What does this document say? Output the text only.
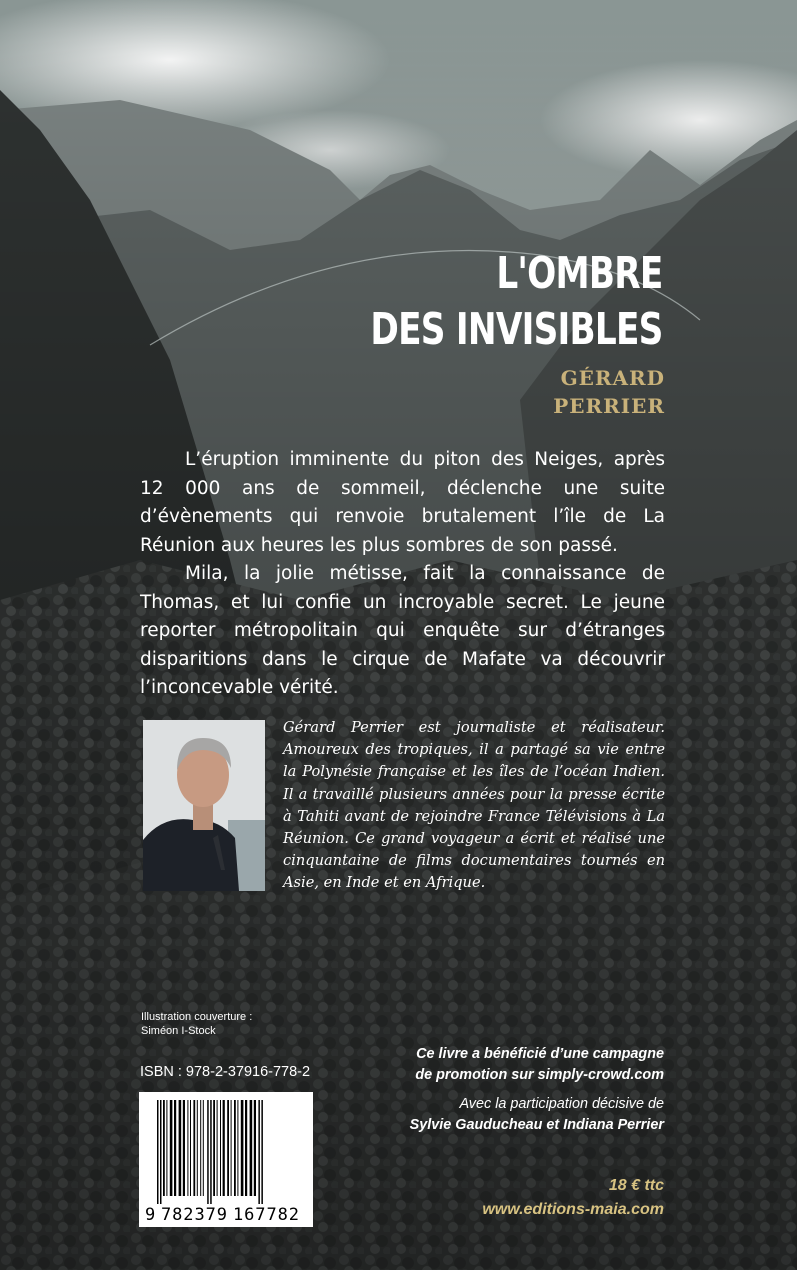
L'OMBRE
DES INVISIBLES
GÉRARD
PERRIER

L’éruption imminente du piton des Neiges, après 12 000 ans de sommeil, déclenche une suite d’évènements qui renvoie brutalement l’île de La Réunion aux heures les plus sombres de son passé.

Mila, la jolie métisse, fait la connaissance de Thomas, et lui confie un incroyable secret. Le jeune reporter métropolitain qui enquête sur d’étranges disparitions dans le cirque de Mafate va découvrir l’inconcevable vérité.

Gérard Perrier est journaliste et réalisateur. Amoureux des tropiques, il a partagé sa vie entre la Polynésie française et les îles de l’océan Indien. Il a travaillé plusieurs années pour la presse écrite à Tahiti avant de rejoindre France Télévisions à La Réunion. Ce grand voyageur a écrit et réalisé une cinquantaine de films documentaires tournés en Asie, en Inde et en Afrique.
Illustration couverture :
Siméon I-Stock
ISBN : 978-2-37916-778-2
9 782379 167782
Ce livre a bénéficié d’une campagne
de promotion sur simply-crowd.com
Avec la participation décisive de
Sylvie Gauducheau et Indiana Perrier
18 € ttc
www.editions-maia.com
